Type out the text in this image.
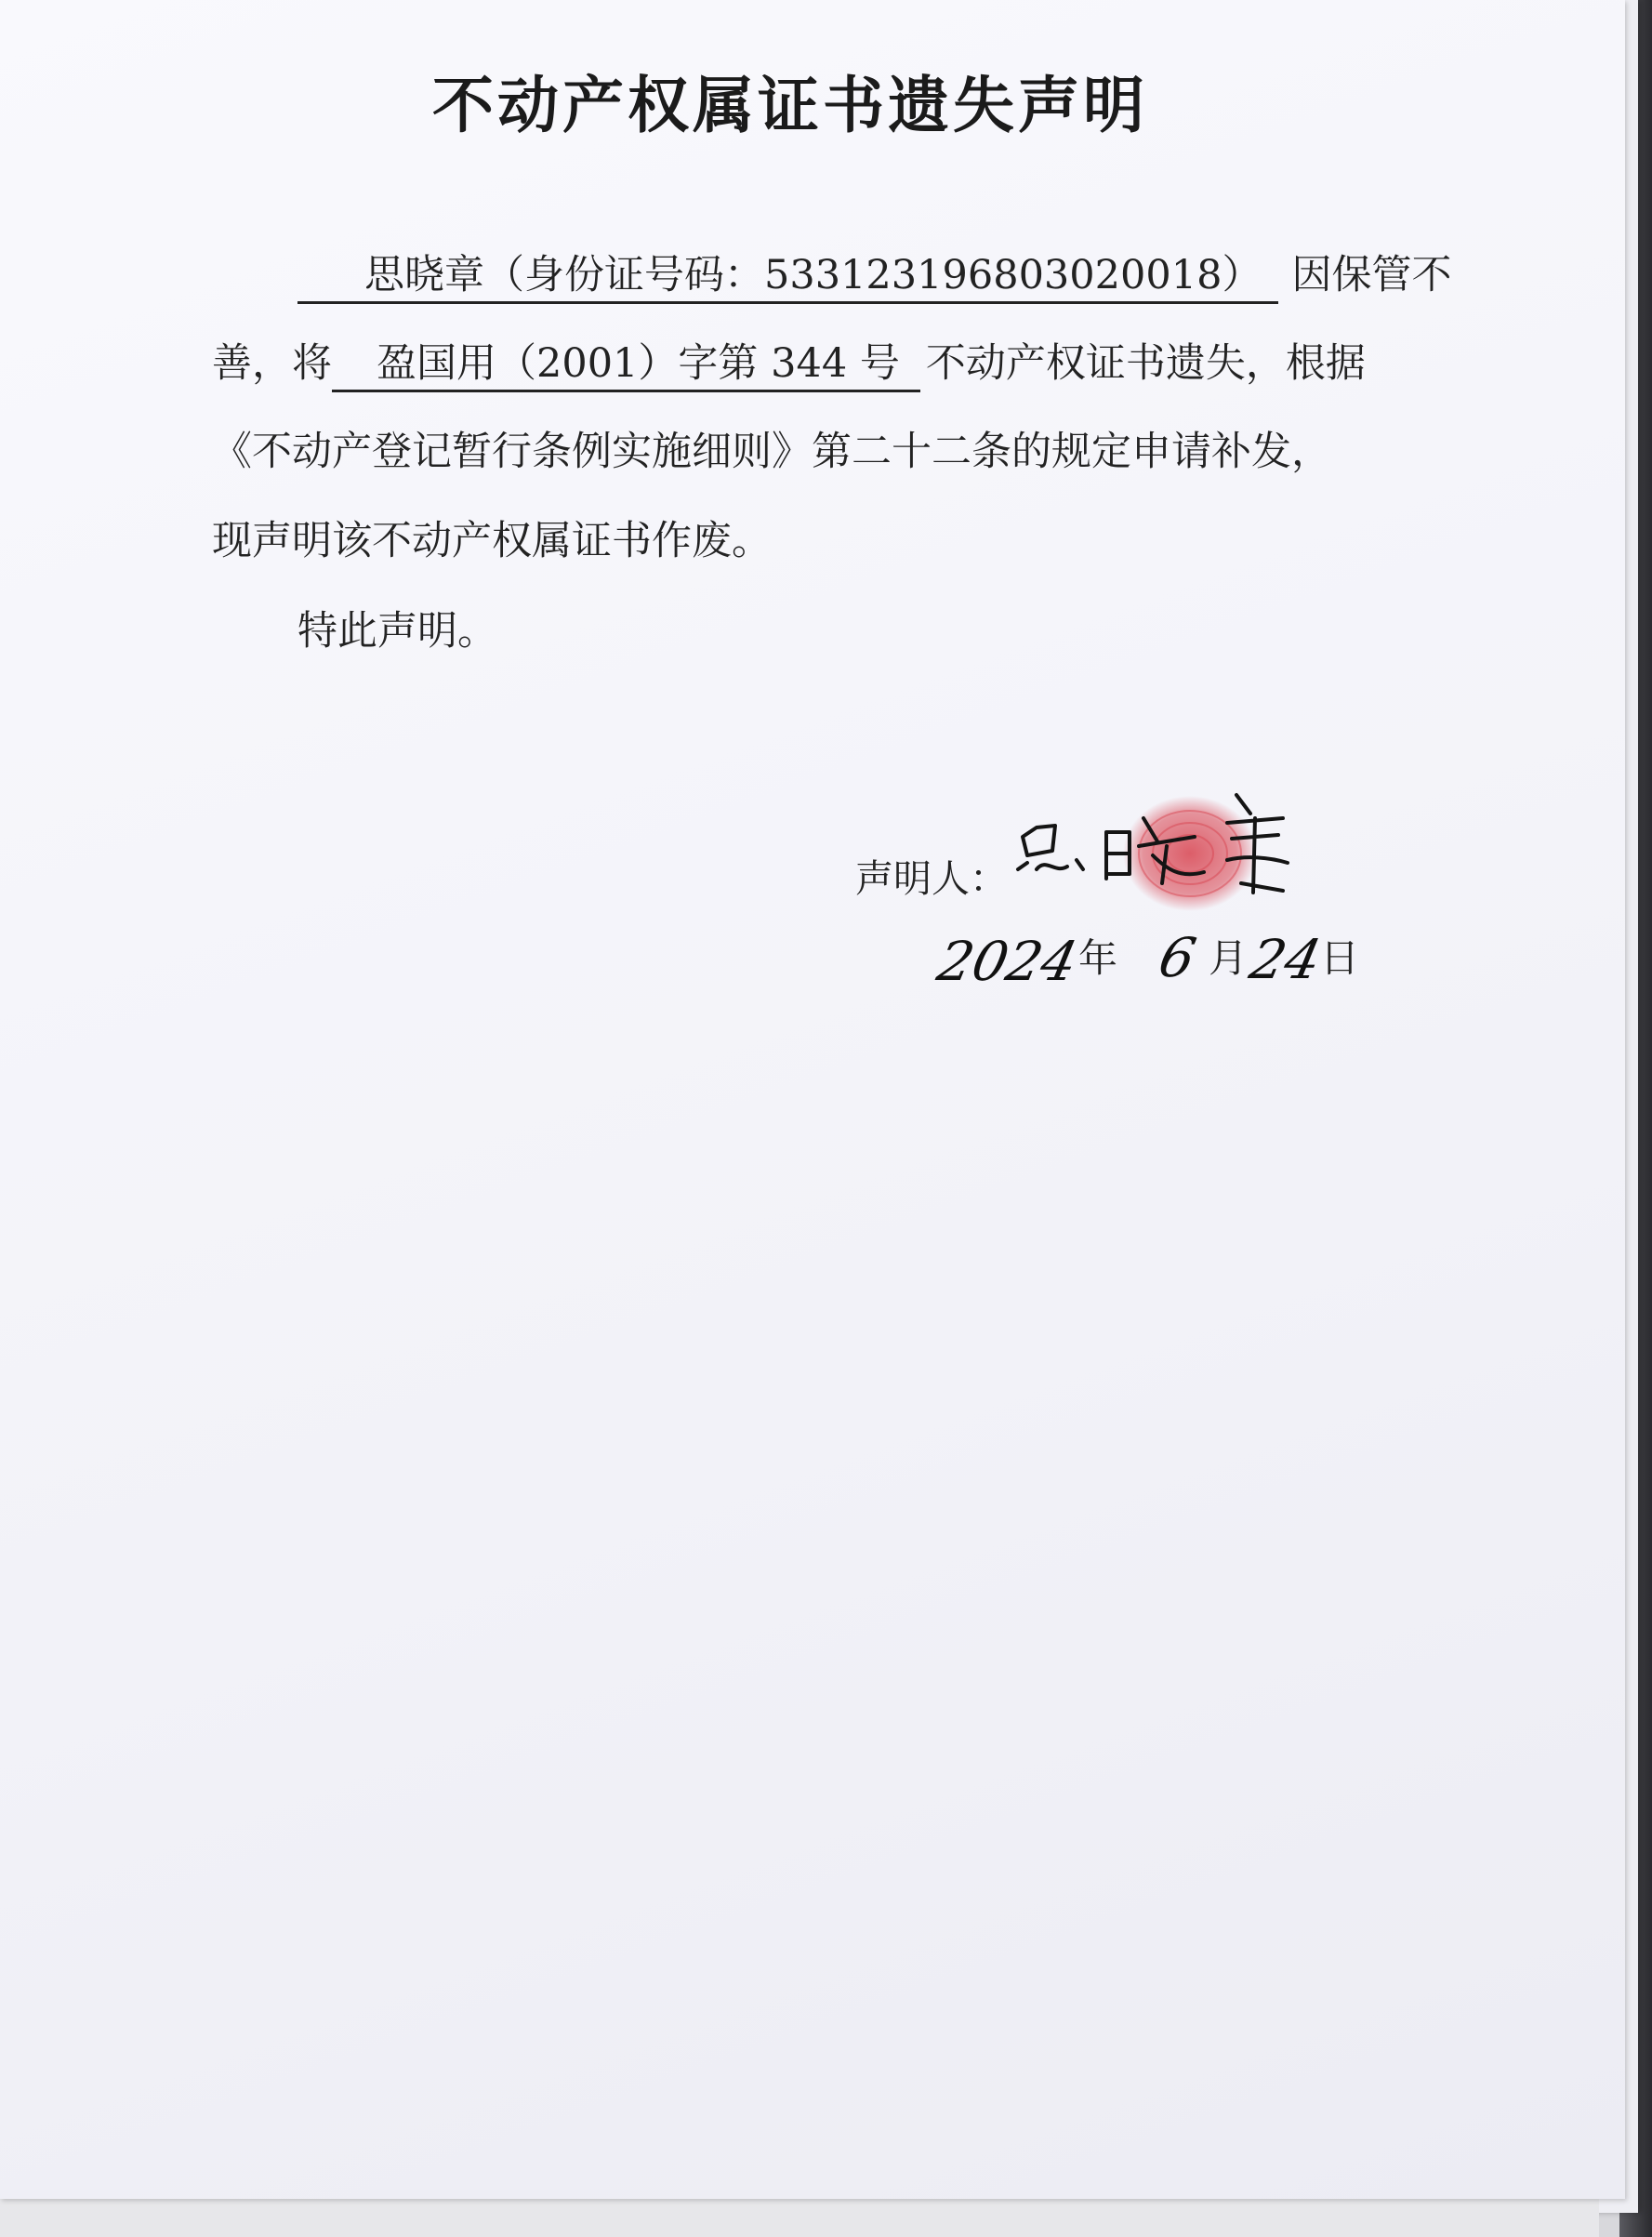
不动产权属证书遗失声明
思晓章（身份证号码：533123196803020018） 因保管不
善，将 盈国用（2001）字第 344 号 不动产权证书遗失，根据
《不动产登记暂行条例实施细则》第二十二条的规定申请补发，
现声明该不动产权属证书作废。
特此声明。
声明人：
2024
年 6 月
24
日
